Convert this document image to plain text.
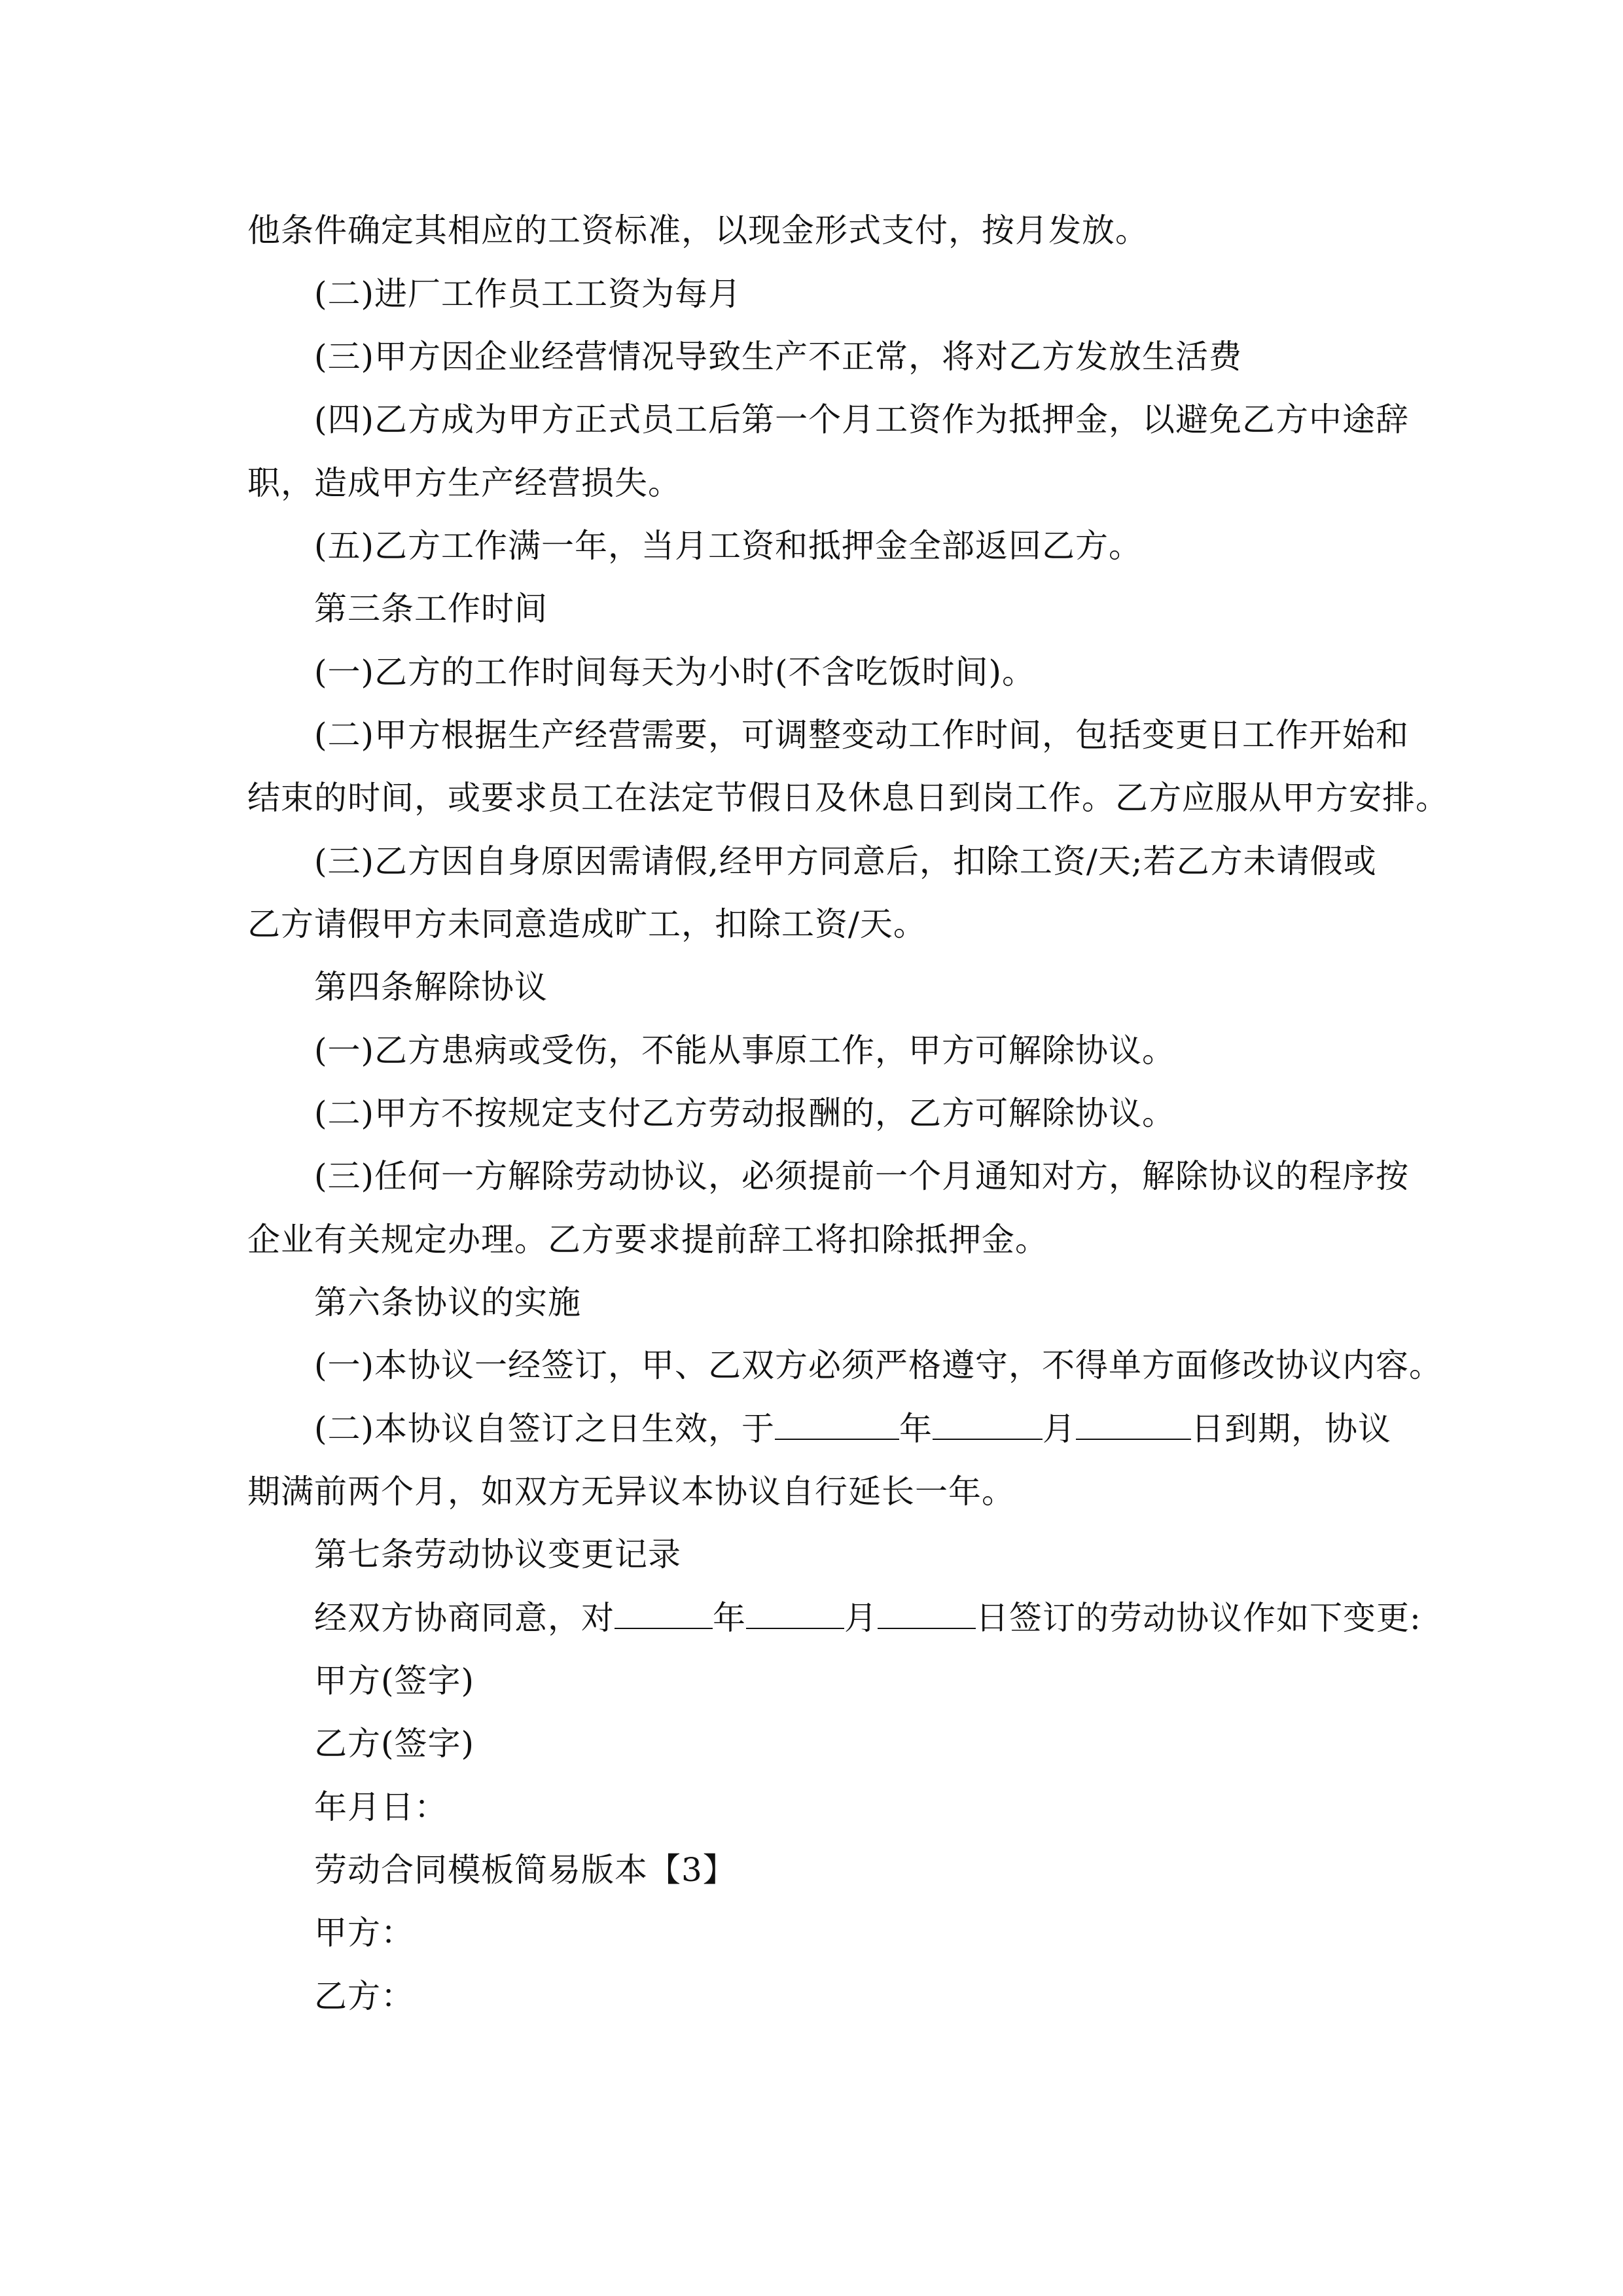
他条件确定其相应的工资标准，以现金形式支付，按月发放。
(二)进厂工作员工工资为每月
(三)甲方因企业经营情况导致生产不正常，将对乙方发放生活费
(四)乙方成为甲方正式员工后第一个月工资作为抵押金，以避免乙方中途辞
职，造成甲方生产经营损失。
(五)乙方工作满一年，当月工资和抵押金全部返回乙方。
第三条工作时间
(一)乙方的工作时间每天为小时(不含吃饭时间)。
(二)甲方根据生产经营需要，可调整变动工作时间，包括变更日工作开始和
结束的时间，或要求员工在法定节假日及休息日到岗工作。乙方应服从甲方安排。
(三)乙方因自身原因需请假,经甲方同意后，扣除工资/天;若乙方未请假或
乙方请假甲方未同意造成旷工，扣除工资/天。
第四条解除协议
(一)乙方患病或受伤，不能从事原工作，甲方可解除协议。
(二)甲方不按规定支付乙方劳动报酬的，乙方可解除协议。
(三)任何一方解除劳动协议，必须提前一个月通知对方，解除协议的程序按
企业有关规定办理。乙方要求提前辞工将扣除抵押金。
第六条协议的实施
(一)本协议一经签订，甲、乙双方必须严格遵守，不得单方面修改协议内容。
(二)本协议自签订之日生效，于	年	月	日到期，协议
期满前两个月，如双方无异议本协议自行延长一年。
第七条劳动协议变更记录
经双方协商同意，对	年	月	日签订的劳动协议作如下变更:
甲方(签字)
乙方(签字)
年月日：
劳动合同模板简易版本【3】
甲方：
乙方：
